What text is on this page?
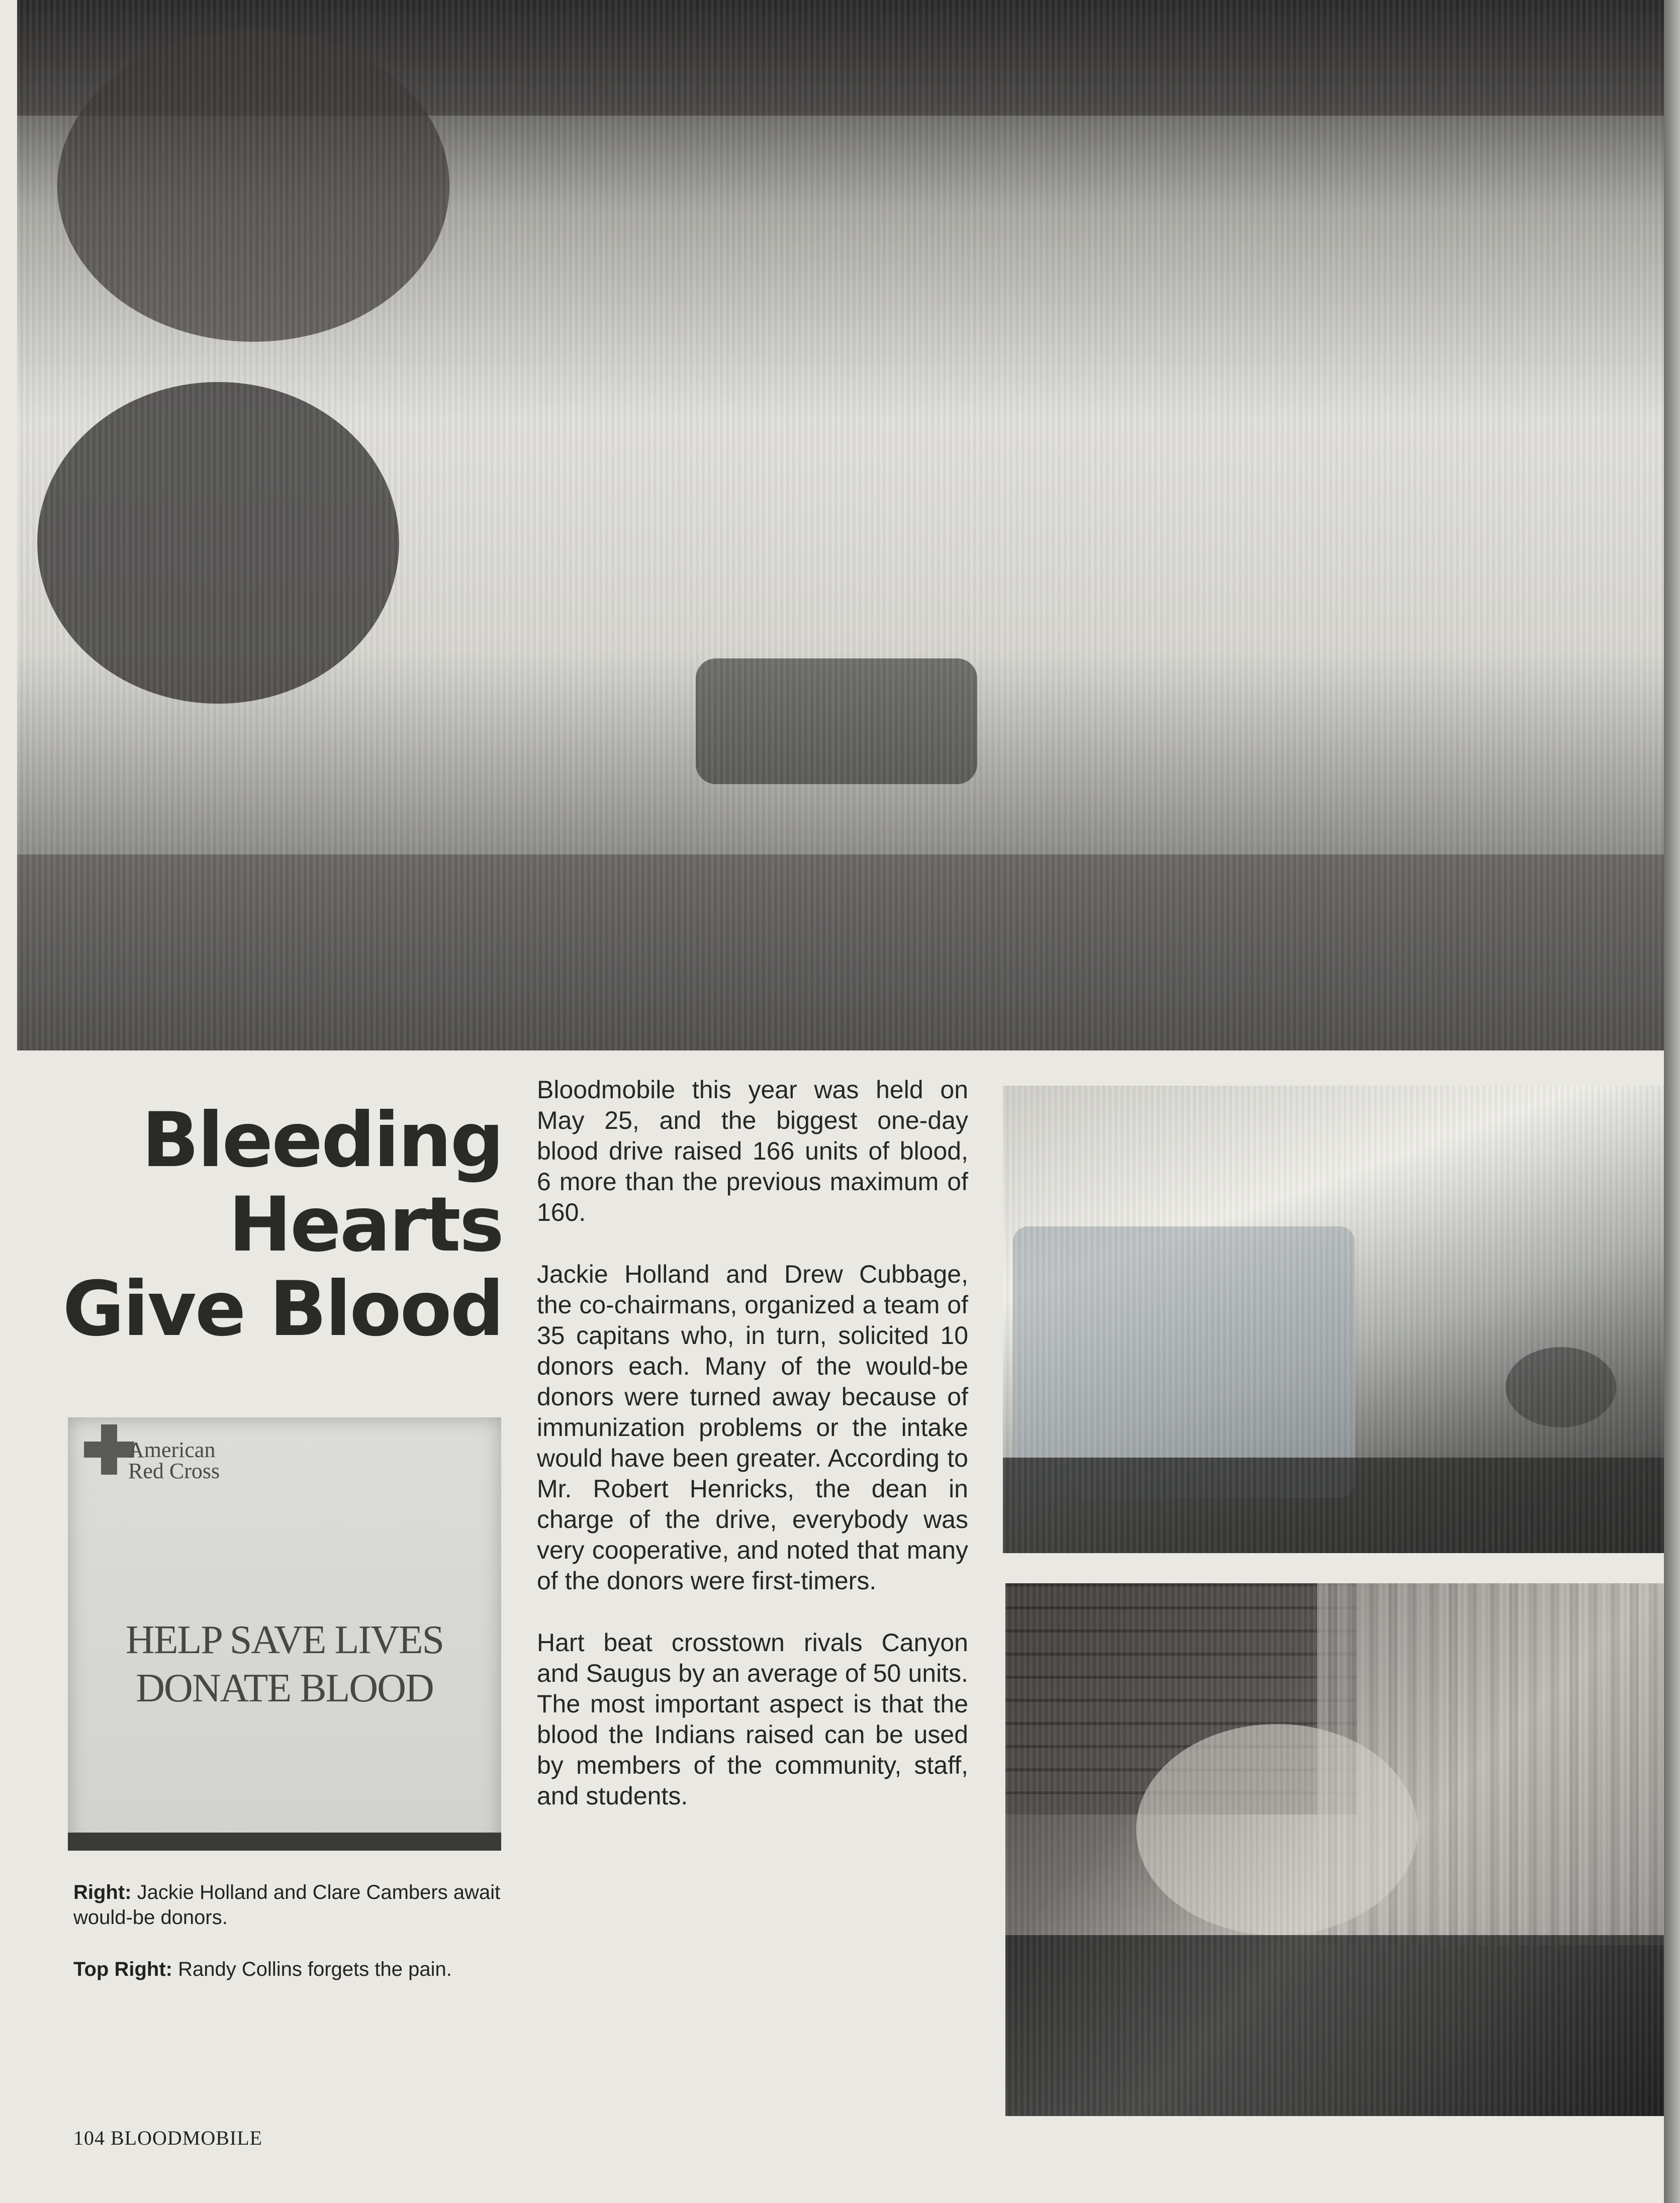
Bleeding
Hearts
Give Blood
American
Red Cross
HELP SAVE LIVES
DONATE BLOOD

Bloodmobile this year was held on May 25, and the biggest one-day blood drive raised 166 units of blood, 6 more than the previous maximum of 160.

Jackie Holland and Drew Cubbage, the co-chairmans, organized a team of 35 capitans who, in turn, solicited 10 donors each. Many of the would-be donors were turned away because of immunization problems or the intake would have been greater. According to Mr. Robert Henricks, the dean in charge of the drive, everybody was very cooperative, and noted that many of the donors were first-timers.

Hart beat crosstown rivals Canyon and Saugus by an average of 50 units. The most important aspect is that the blood the Indians raised can be used by members of the community, staff, and students.

Right: Jackie Holland and Clare Cambers await would-be donors.
Top Right: Randy Collins forgets the pain.
104 BLOODMOBILE
